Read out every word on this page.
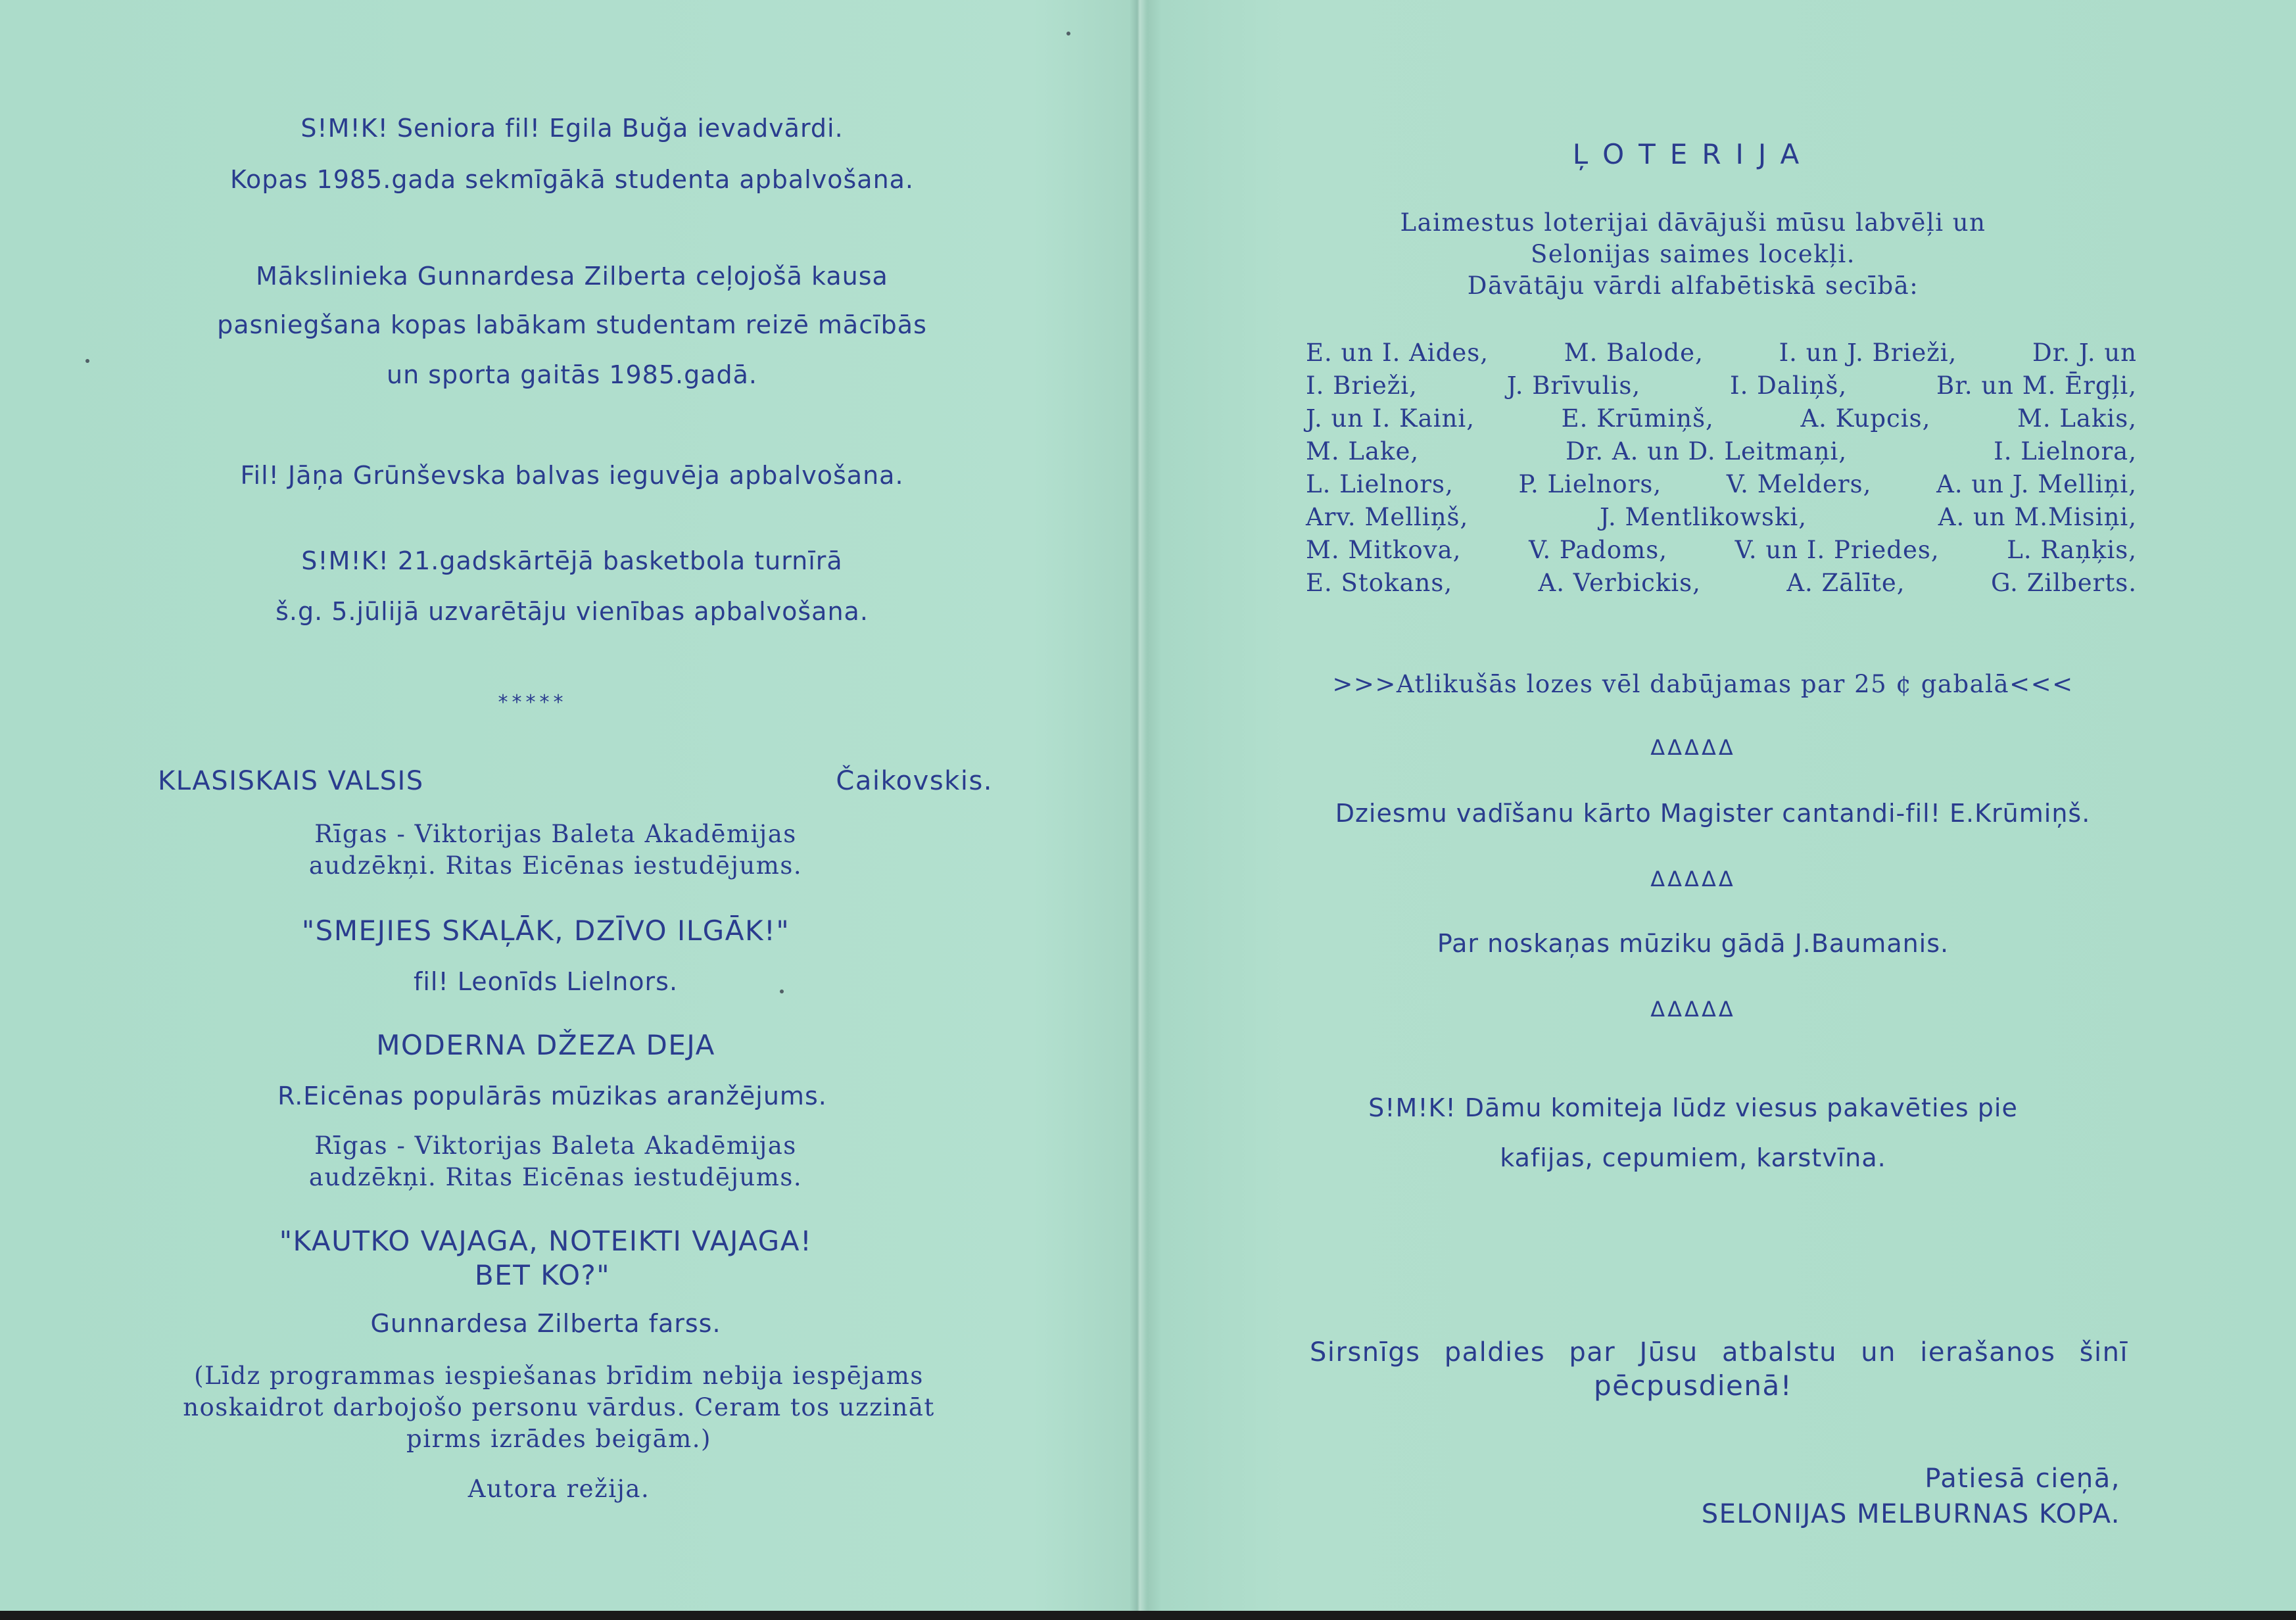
S!M!K! Seniora fil! Egila Buğa ievadvārdi.

Kopas 1985.gada sekmīgākā studenta apbalvošana.

Mākslinieka Gunnardesa Zilberta ceļojošā kausa

pasniegšana kopas labākam studentam reizē mācībās

un sporta gaitās 1985.gadā.

Fil! Jāņa Grūnševska balvas ieguvēja apbalvošana.

S!M!K! 21.gadskārtējā basketbola turnīrā

š.g. 5.jūlijā uzvarētāju vienības apbalvošana.

*****

KLASISKAIS VALSIS	Čaikovskis.

Rīgas - Viktorijas Baleta Akadēmijas

audzēkņi. Ritas Eicēnas iestudējums.

"SMEJIES SKAĻĀK, DZĪVO ILGĀK!"

fil! Leonīds Lielnors.

MODERNA DŽEZA DEJA

R.Eicēnas populārās mūzikas aranžējums.

Rīgas - Viktorijas Baleta Akadēmijas

audzēkņi. Ritas Eicēnas iestudējums.

"KAUTKO VAJAGA, NOTEIKTI VAJAGA!

BET KO?"

Gunnardesa Zilberta farss.

(Līdz programmas iespiešanas brīdim nebija iespējams

noskaidrot darbojošo personu vārdus. Ceram tos uzzināt

pirms izrādes beigām.)

Autora režija.

ĻOTERIJA

Laimestus loterijai dāvājuši mūsu labvēļi un

Selonijas saimes locekļi.

Dāvātāju vārdi alfabētiskā secībā:

E. un I. Aides,	M. Balode,	I. un J. Brieži,	Dr. J. un
I. Brieži,	J. Brīvulis,	I. Daliņš,	Br. un M. Ērgļi,
J. un I. Kaini,	E. Krūmiņš,	A. Kupcis,	M. Lakis,
M. Lake,	Dr. A. un D. Leitmaņi,	I. Lielnora,
L. Lielnors,	P. Lielnors,	V. Melders,	A. un J. Melliņi,
Arv. Melliņš,	J. Mentlikowski,	A. un M.Misiņi,
M. Mitkova,	V. Padoms,	V. un I. Priedes,	L. Raņķis,
E. Stokans,	A. Verbickis,	A. Zālīte,	G. Zilberts.

>>>Atlikušās lozes vēl dabūjamas par 25 ¢ gabalā<<<

ΔΔΔΔΔ

Dziesmu vadīšanu kārto Magister cantandi-fil! E.Krūmiņš.

ΔΔΔΔΔ

Par noskaņas mūziku gādā J.Baumanis.

ΔΔΔΔΔ

S!M!K! Dāmu komiteja lūdz viesus pakavēties pie

kafijas, cepumiem, karstvīna.

Sirsnīgs paldies par Jūsu atbalstu un ierašanos šinī

pēcpusdienā!

Patiesā cieņā,
SELONIJAS MELBURNAS KOPA.
